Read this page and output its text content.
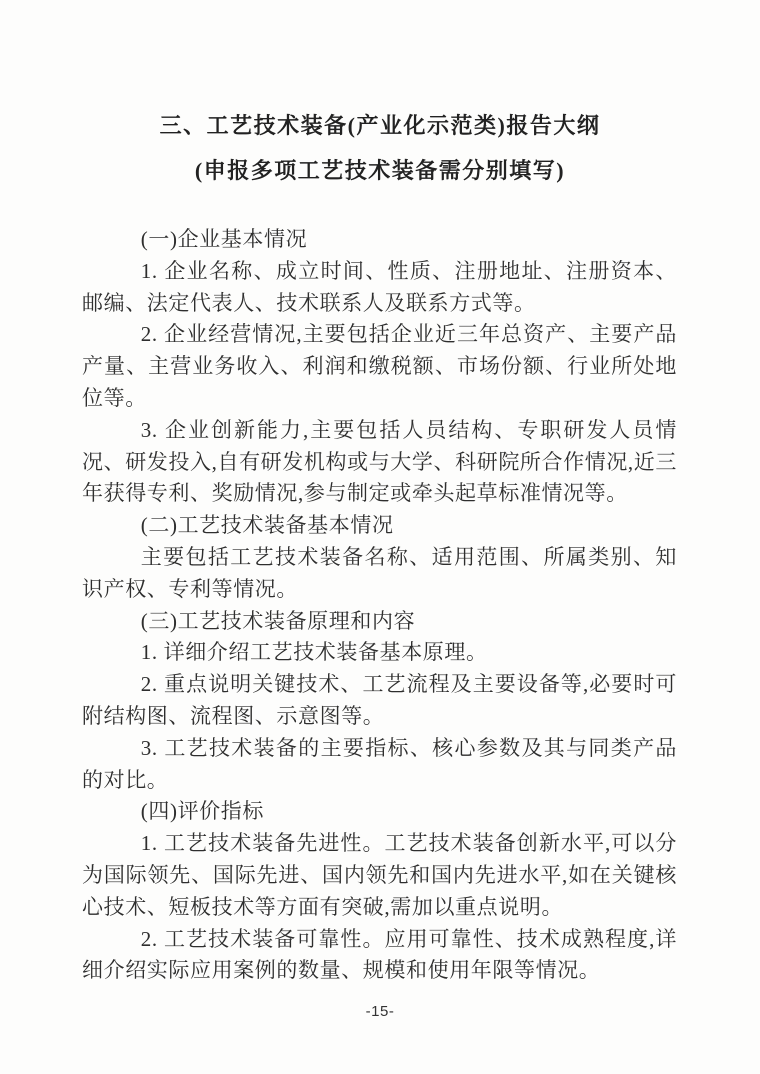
三、工艺技术装备(产业化示范类)报告大纲
(申报多项工艺技术装备需分别填写)

(一)企业基本情况

1. 企业名称、成立时间、性质、注册地址、注册资本、邮编、法定代表人、技术联系人及联系方式等。

2. 企业经营情况,主要包括企业近三年总资产、主要产品产量、主营业务收入、利润和缴税额、市场份额、行业所处地位等。

3. 企业创新能力,主要包括人员结构、专职研发人员情况、研发投入,自有研发机构或与大学、科研院所合作情况,近三年获得专利、奖励情况,参与制定或牵头起草标准情况等。

(二)工艺技术装备基本情况

主要包括工艺技术装备名称、适用范围、所属类别、知识产权、专利等情况。

(三)工艺技术装备原理和内容

1. 详细介绍工艺技术装备基本原理。

2. 重点说明关键技术、工艺流程及主要设备等,必要时可附结构图、流程图、示意图等。

3. 工艺技术装备的主要指标、核心参数及其与同类产品的对比。

(四)评价指标

1. 工艺技术装备先进性。工艺技术装备创新水平,可以分为国际领先、国际先进、国内领先和国内先进水平,如在关键核心技术、短板技术等方面有突破,需加以重点说明。

2. 工艺技术装备可靠性。应用可靠性、技术成熟程度,详细介绍实际应用案例的数量、规模和使用年限等情况。

-15-
